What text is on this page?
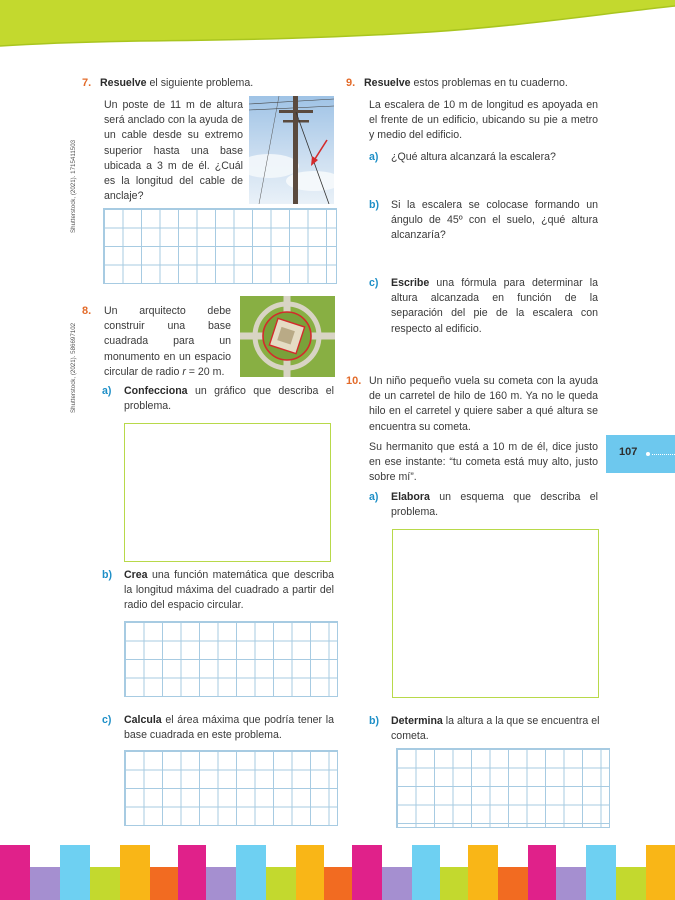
Shutterstock, (2021). 1715411503
Shutterstock, (2021). 586697102
7. Resuelve el siguiente problema.

Un poste de 11 m de altura será anclado con la ayuda de un cable desde su extremo superior hasta una base ubicada a 3 m de él. ¿Cuál es la longitud del cable de anclaje?

8. Un arquitecto debe construir una base cuadrada para un monumento en un espacio circular de radio r = 20 m.

a) Confecciona un gráfico que describa el problema.
b) Crea una función matemática que describa la longitud máxima del cuadrado a partir del radio del espacio circular.
c) Calcula el área máxima que podría tener la base cuadrada en este problema.
9. Resuelve estos problemas en tu cuaderno.

La escalera de 10 m de longitud es apoyada en el frente de un edificio, ubicando su pie a metro y medio del edificio.

a) ¿Qué altura alcanzará la escalera?
b) Si la escalera se colocase formando un ángulo de 45º con el suelo, ¿qué altura alcanzaría?
c) Escribe una fórmula para determinar la altura alcanzada en función de la separación del pie de la escalera con respecto al edificio.
10. Un niño pequeño vuela su cometa con la ayuda de un carretel de hilo de 160 m. Ya no le queda hilo en el carretel y quiere saber a qué altura se encuentra su cometa.

Su hermanito que está a 10 m de él, dice justo en ese instante: “tu cometa está muy alto, justo sobre mí”.

a) Elabora un esquema que describa el problema.
b) Determina la altura a la que se encuentra el cometa.
107
